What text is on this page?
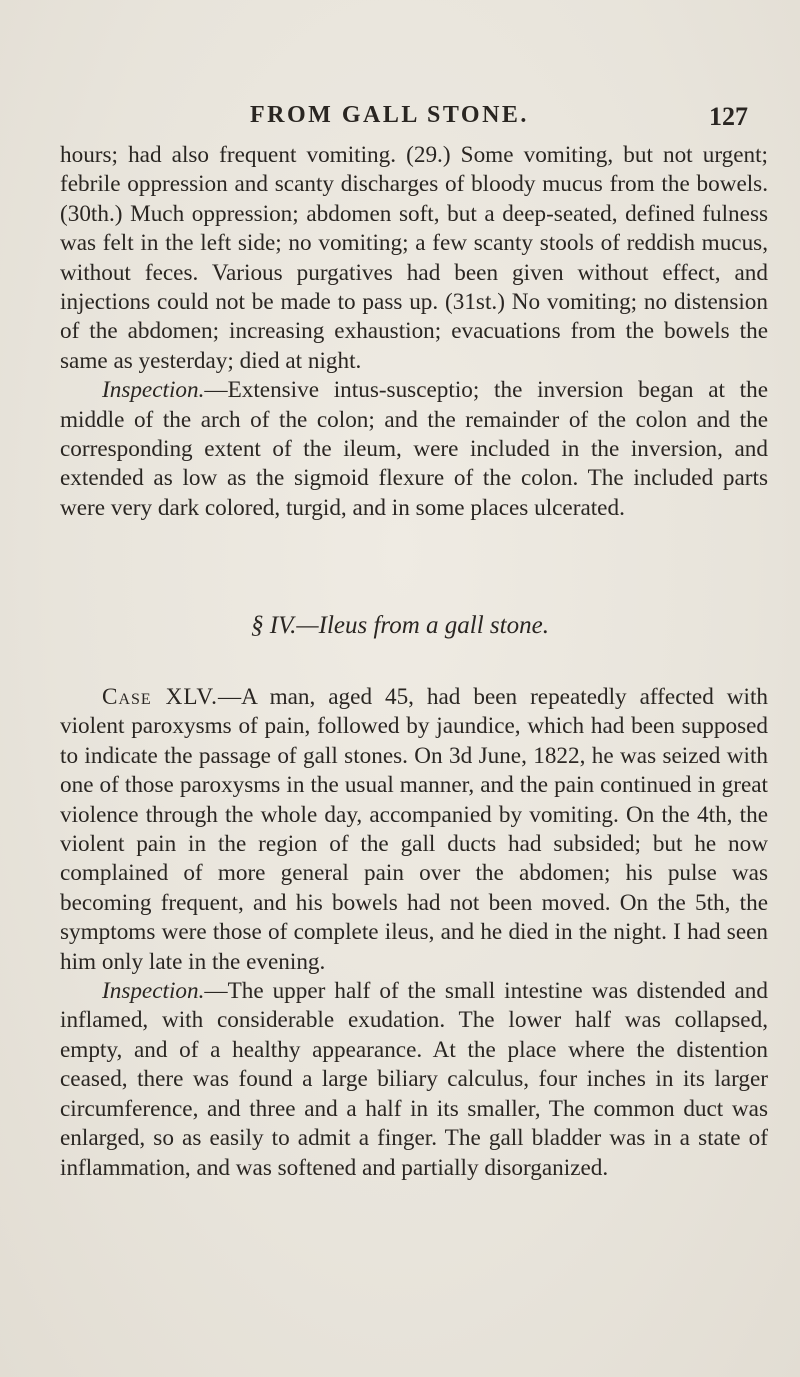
FROM GALL STONE.	127

hours; had also frequent vomiting. (29.) Some vomiting, but not urgent; febrile oppression and scanty discharges of bloody mucus from the bowels. (30th.) Much oppression; abdomen soft, but a deep-seated, defined fulness was felt in the left side; no vomiting; a few scanty stools of reddish mucus, without feces. Various purgatives had been given without effect, and injections could not be made to pass up. (31st.) No vomiting; no distension of the abdomen; increasing exhaustion; evacuations from the bowels the same as yesterday; died at night.

Inspection.—Extensive intus-susceptio; the inversion began at the middle of the arch of the colon; and the remainder of the colon and the corresponding extent of the ileum, were included in the inversion, and extended as low as the sigmoid flexure of the colon. The included parts were very dark colored, turgid, and in some places ulcerated.

§ IV.—Ileus from a gall stone.

Case XLV.—A man, aged 45, had been repeatedly affected with violent paroxysms of pain, followed by jaundice, which had been supposed to indicate the passage of gall stones. On 3d June, 1822, he was seized with one of those paroxysms in the usual manner, and the pain continued in great violence through the whole day, accompanied by vomiting. On the 4th, the violent pain in the region of the gall ducts had subsided; but he now complained of more general pain over the abdomen; his pulse was becoming frequent, and his bowels had not been moved. On the 5th, the symptoms were those of complete ileus, and he died in the night. I had seen him only late in the evening.

Inspection.—The upper half of the small intestine was distended and inflamed, with considerable exudation. The lower half was collapsed, empty, and of a healthy appearance. At the place where the distention ceased, there was found a large biliary calculus, four inches in its larger circumference, and three and a half in its smaller, The common duct was enlarged, so as easily to admit a finger. The gall bladder was in a state of inflammation, and was softened and partially disorganized.
